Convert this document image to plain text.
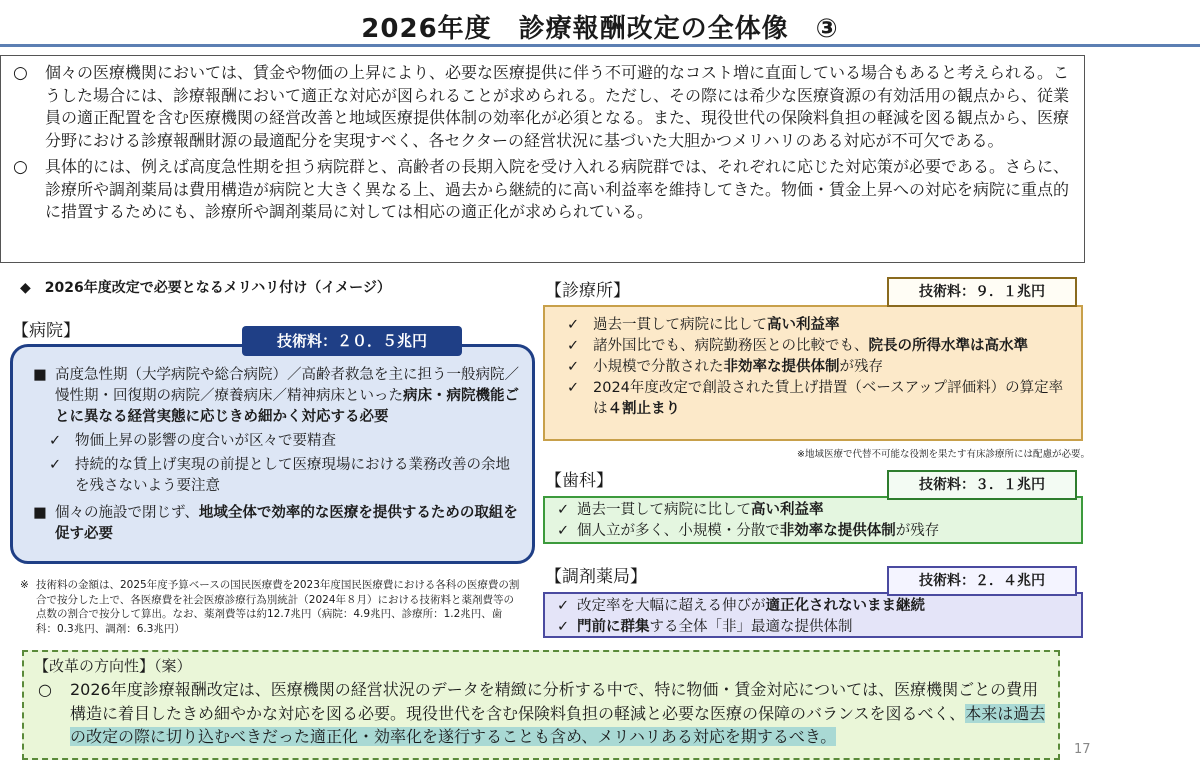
2026年度　診療報酬改定の全体像　③
○ 個々の医療機関においては、賃金や物価の上昇により、必要な医療提供に伴う不可避的なコスト増に直面している場合もあると考えられる。こうした場合には、診療報酬において適正な対応が図られることが求められる。ただし、その際には希少な医療資源の有効活用の観点から、従業員の適正配置を含む医療機関の経営改善と地域医療提供体制の効率化が必須となる。また、現役世代の保険料負担の軽減を図る観点から、医療分野における診療報酬財源の最適配分を実現すべく、各セクターの経営状況に基づいた大胆かつメリハリのある対応が不可欠である。
○ 具体的には、例えば高度急性期を担う病院群と、高齢者の長期入院を受け入れる病院群では、それぞれに応じた対応策が必要である。さらに、診療所や調剤薬局は費用構造が病院と大きく異なる上、過去から継続的に高い利益率を維持してきた。物価・賃金上昇への対応を病院に重点的に措置するためにも、診療所や調剤薬局に対しては相応の適正化が求められている。
◆　2026年度改定で必要となるメリハリ付け（イメージ）
【病院】
■ 高度急性期（大学病院や総合病院）／高齢者救急を主に担う一般病院／慢性期・回復期の病院／療養病床／精神病床といった病床・病院機能ごとに異なる経営実態に応じきめ細かく対応する必要
✓ 物価上昇の影響の度合いが区々で要精査
✓ 持続的な賃上げ実現の前提として医療現場における業務改善の余地を残さないよう要注意
■ 個々の施設で閉じず、地域全体で効率的な医療を提供するための取組を促す必要
技術料：２０．５兆円
※ 技術料の金額は、2025年度予算ベースの国民医療費を2023年度国民医療費における各科の医療費の割合で按分した上で、各医療費を社会医療診療行為別統計（2024年８月）における技術料と薬剤費等の点数の割合で按分して算出。なお、薬剤費等は約12.7兆円（病院：4.9兆円、診療所：1.2兆円、歯科：0.3兆円、調剤：6.3兆円）
【診療所】
✓ 過去一貫して病院に比して高い利益率
✓ 諸外国比でも、病院勤務医との比較でも、院長の所得水準は高水準
✓ 小規模で分散された非効率な提供体制が残存
✓ 2024年度改定で創設された賃上げ措置（ベースアップ評価料）の算定率は４割止まり
技術料：９．１兆円
※地域医療で代替不可能な役割を果たす有床診療所には配慮が必要。
【歯科】
✓ 過去一貫して病院に比して高い利益率
✓ 個人立が多く、小規模・分散で非効率な提供体制が残存
技術料：３．１兆円
【調剤薬局】
✓ 改定率を大幅に超える伸びが適正化されないまま継続
✓ 門前に群集する全体「非」最適な提供体制
技術料：２．４兆円
【改革の方向性】（案）
○ 2026年度診療報酬改定は、医療機関の経営状況のデータを精緻に分析する中で、特に物価・賃金対応については、医療機関ごとの費用構造に着目したきめ細やかな対応を図る必要。現役世代を含む保険料負担の軽減と必要な医療の保障のバランスを図るべく、本来は過去の改定の際に切り込むべきだった適正化・効率化を遂行することも含め、メリハリある対応を期するべき。
17
